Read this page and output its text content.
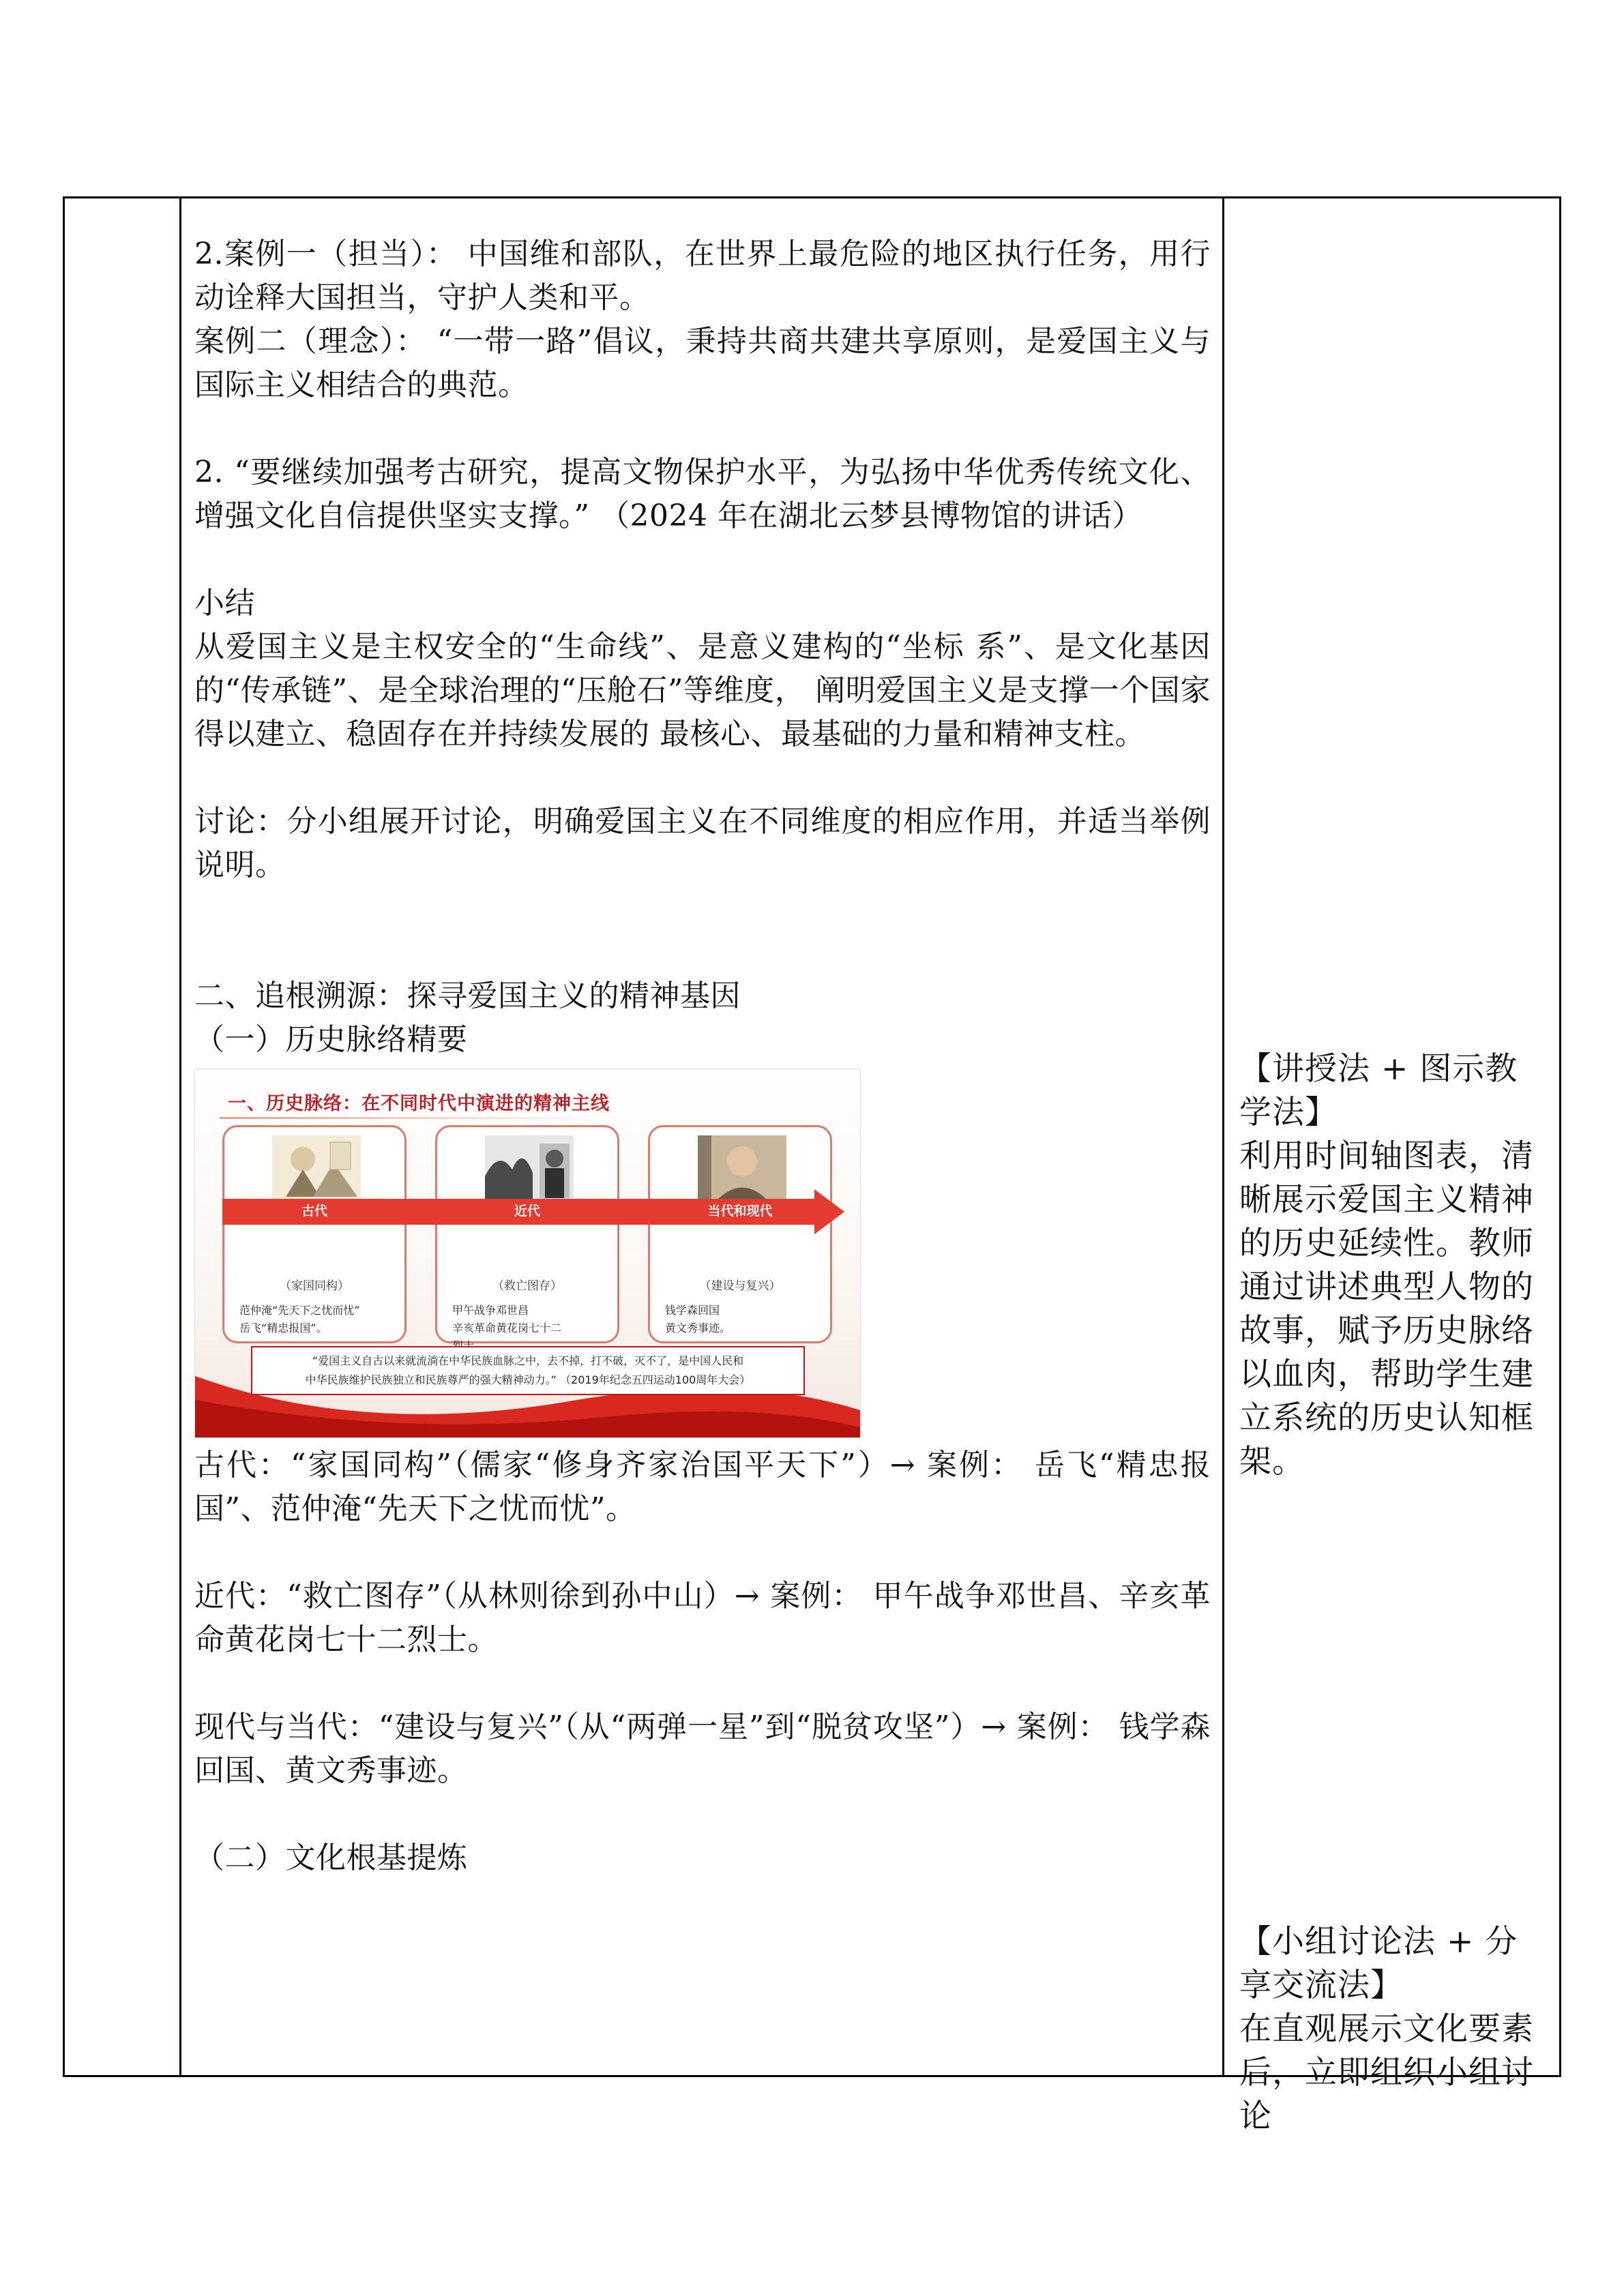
2.案例一（担当）： 中国维和部队，在世界上最危险的地区执行任务，用行动诠释大国担当，守护人类和平。

案例二（理念）： “一带一路”倡议，秉持共商共建共享原则，是爱国主义与国际主义相结合的典范。

2. “要继续加强考古研究，提高文物保护水平，为弘扬中华优秀传统文化、增强文化自信提供坚实支撑。” （2024 年在湖北云梦县博物馆的讲话）

小结

从爱国主义是主权安全的“生命线”、是意义建构的“坐标 系”、是文化基因的“传承链”、是全球治理的“压舱石”等维度， 阐明爱国主义是支撑一个国家得以建立、稳固存在并持续发展的 最核心、最基础的力量和精神支柱。

讨论：分小组展开讨论，明确爱国主义在不同维度的相应作用，并适当举例说明。

二、追根溯源：探寻爱国主义的精神基因

（一）历史脉络精要

一、历史脉络：在不同时代中演进的精神主线
（家国同构）
范仲淹“先天下之忧而忧”
岳飞“精忠报国”。
（救亡图存）
甲午战争邓世昌
辛亥革命黄花岗七十二
（建设与复兴）
钱学森回国
黄文秀事迹。
古代	近代	当代和现代
“爱国主义自古以来就流淌在中华民族血脉之中，去不掉，打不破，灭不了，是中国人民和
中华民族维护民族独立和民族尊严的强大精神动力。” （2019年纪念五四运动100周年大会）

古代：“家国同构”（儒家“修身齐家治国平天下”）→ 案例： 岳飞“精忠报国”、范仲淹“先天下之忧而忧”。

近代：“救亡图存”（从林则徐到孙中山）→ 案例： 甲午战争邓世昌、辛亥革命黄花岗七十二烈士。

现代与当代：“建设与复兴”（从“两弹一星”到“脱贫攻坚”）→ 案例： 钱学森回国、黄文秀事迹。

（二）文化根基提炼

【讲授法 + 图示教学法】

利用时间轴图表，清晰展示爱国主义精神的历史延续性。教师通过讲述典型人物的故事，赋予历史脉络以血肉，帮助学生建立系统的历史认知框架。

【小组讨论法 + 分享交流法】

在直观展示文化要素后，立即组织小组讨论
